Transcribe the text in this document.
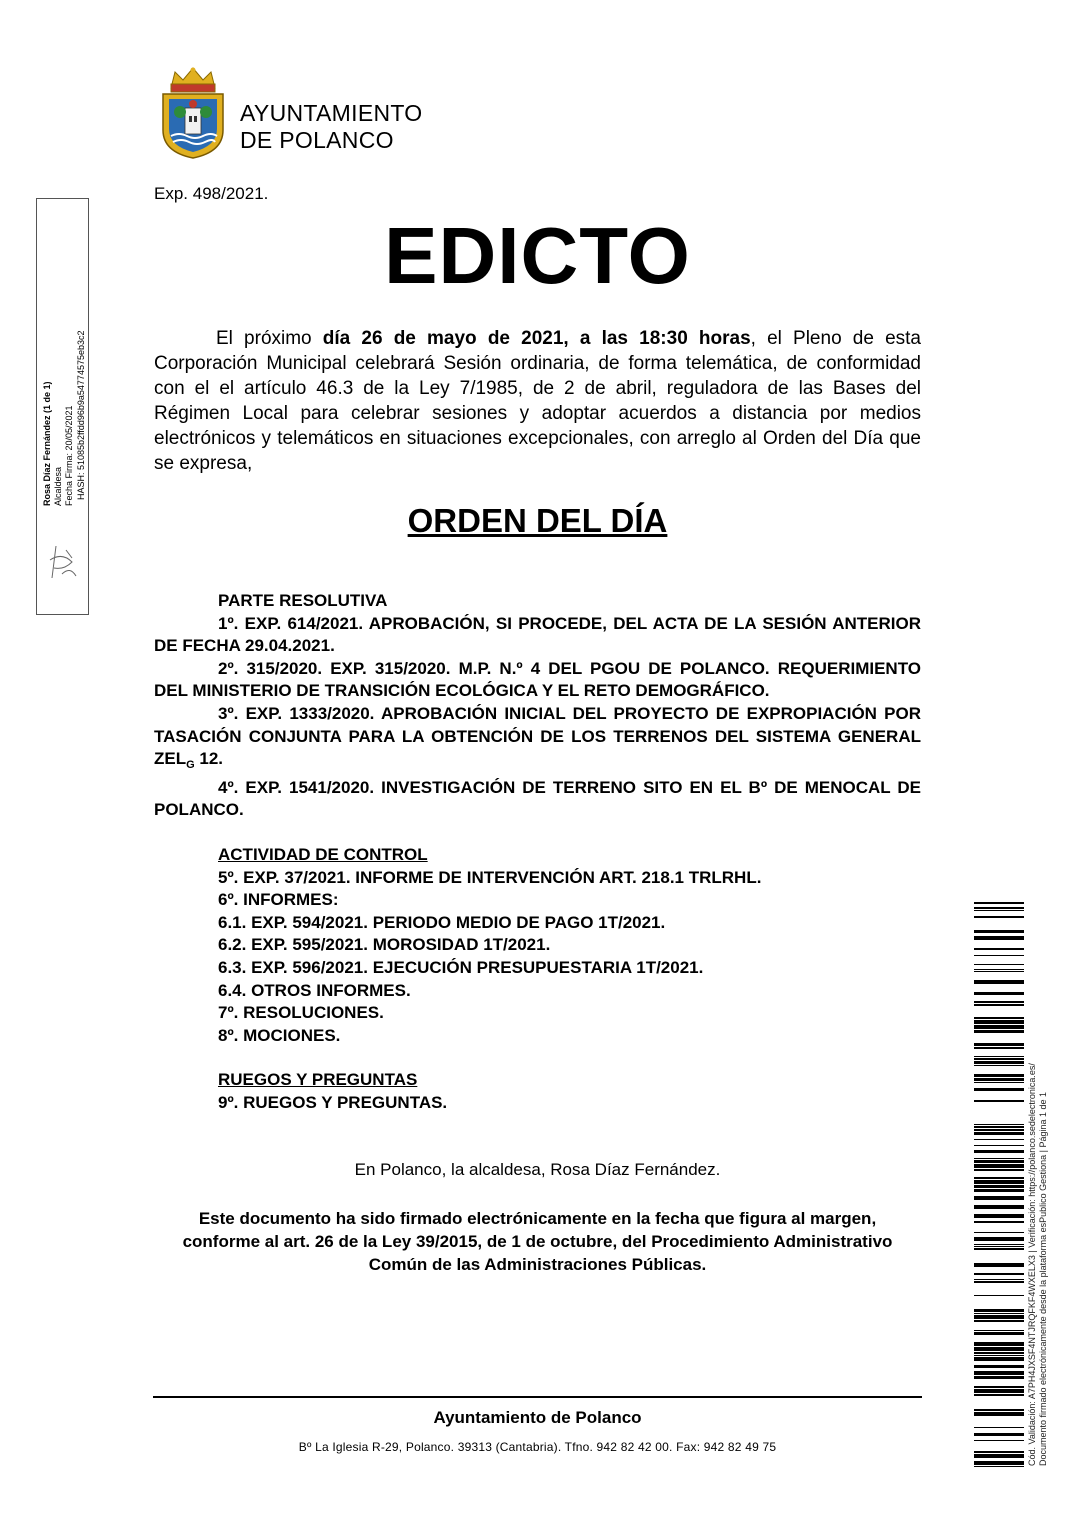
AYUNTAMIENTO
DE POLANCO
Exp. 498/2021.
EDICTO
El próximo día 26 de mayo de 2021, a las 18:30 horas, el Pleno de esta Corporación Municipal celebrará Sesión ordinaria, de forma telemática, de conformidad con el el artículo 46.3 de la Ley 7/1985, de 2 de abril, reguladora de las Bases del Régimen Local para celebrar sesiones y adoptar acuerdos a distancia por medios electrónicos y telemáticos en situaciones excepcionales, con arreglo al Orden del Día que se expresa,
ORDEN DEL DÍA

PARTE RESOLUTIVA

1º. EXP. 614/2021. APROBACIÓN, SI PROCEDE, DEL ACTA DE LA SESIÓN ANTERIOR DE FECHA 29.04.2021.

2º. 315/2020. EXP. 315/2020. M.P. N.º 4 DEL PGOU DE POLANCO. REQUERIMIENTO DEL MINISTERIO DE TRANSICIÓN ECOLÓGICA Y EL RETO DEMOGRÁFICO.

3º. EXP. 1333/2020. APROBACIÓN INICIAL DEL PROYECTO DE EXPROPIACIÓN POR TASACIÓN CONJUNTA PARA LA OBTENCIÓN DE LOS TERRENOS DEL SISTEMA GENERAL $ZEL_G$ 12.

4º. EXP. 1541/2020. INVESTIGACIÓN DE TERRENO SITO EN EL Bº DE MENOCAL DE POLANCO.

ACTIVIDAD DE CONTROL

5º. EXP. 37/2021. INFORME DE INTERVENCIÓN ART. 218.1 TRLRHL.

6º. INFORMES:

6.1. EXP. 594/2021. PERIODO MEDIO DE PAGO 1T/2021.

6.2. EXP. 595/2021. MOROSIDAD 1T/2021.

6.3. EXP. 596/2021. EJECUCIÓN PRESUPUESTARIA 1T/2021.

6.4. OTROS INFORMES.

7º. RESOLUCIONES.

8º. MOCIONES.

RUEGOS Y PREGUNTAS

9º. RUEGOS Y PREGUNTAS.

En Polanco, la alcaldesa, Rosa Díaz Fernández.
Este documento ha sido firmado electrónicamente en la fecha que figura al margen, conforme al art. 26 de la Ley 39/2015, de 1 de octubre, del Procedimiento Administrativo Común de las Administraciones Públicas.
Ayuntamiento de Polanco
Bº La Iglesia R-29, Polanco. 39313 (Cantabria). Tfno. 942 82 42 00. Fax: 942 82 49 75
Rosa Díaz Fernández (1 de 1) Alcaldesa Fecha Firma: 20/05/2021 HASH: 51085b2ffdd96b9a54774575eb3c2
Cód. Validación: A7PH4JXSF4NTJRQFKF4WXELX3 | Verificación: https://polanco.sedelectronica.es/ Documento firmado electrónicamente desde la plataforma esPublico Gestiona | Página 1 de 1
